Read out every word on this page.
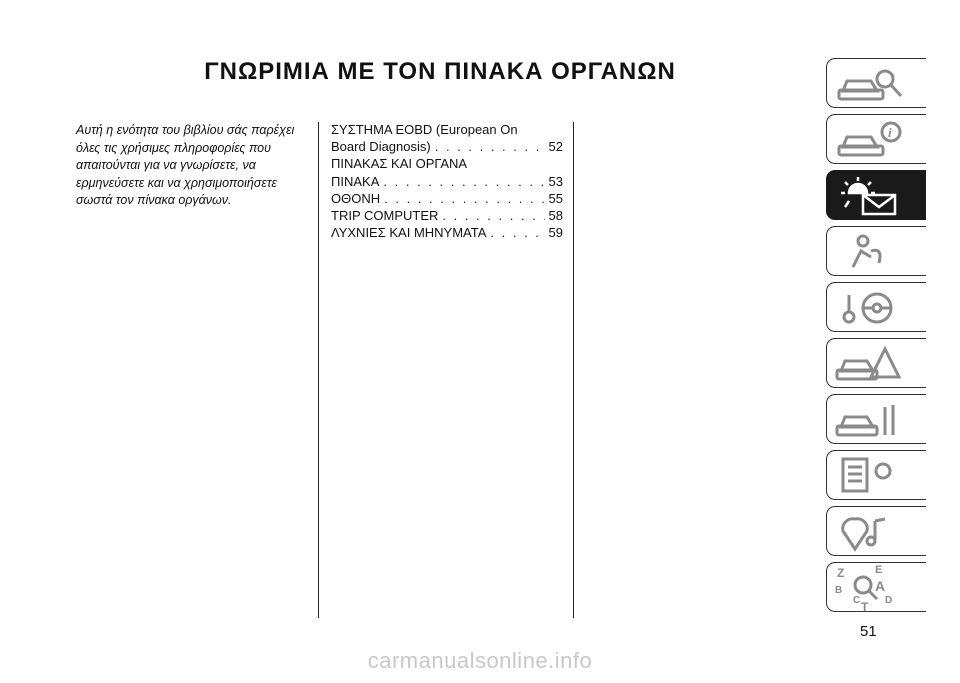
ΓΝΩΡΙΜΙΑ ΜΕ ΤΟΝ ΠΙΝΑΚΑ ΟΡΓΑΝΩΝ
Αυτή η ενότητα του βιβλίου σάς παρέχει όλες τις χρήσιμες πληροφορίες που απαιτούνται για να γνωρίσετε, να ερμηνεύσετε και να χρησιμοποιήσετε σωστά τον πίνακα οργάνων.
ΣΥΣΤΗΜΑ EOBD (European On
Board Diagnosis) . . .	52
ΠΙΝΑΚΑΣ ΚΑΙ ΟΡΓΑΝΑ
ΠΙΝΑΚΑ . . .	53
ΟΘΟΝΗ . . .	55
TRIP COMPUTER . . .	58
ΛΥΧΝΙΕΣ ΚΑΙ ΜΗΝΥΜΑΤΑ . . .	59
i
Z	E
B A
C D
T
51
carmanualsonline.info
